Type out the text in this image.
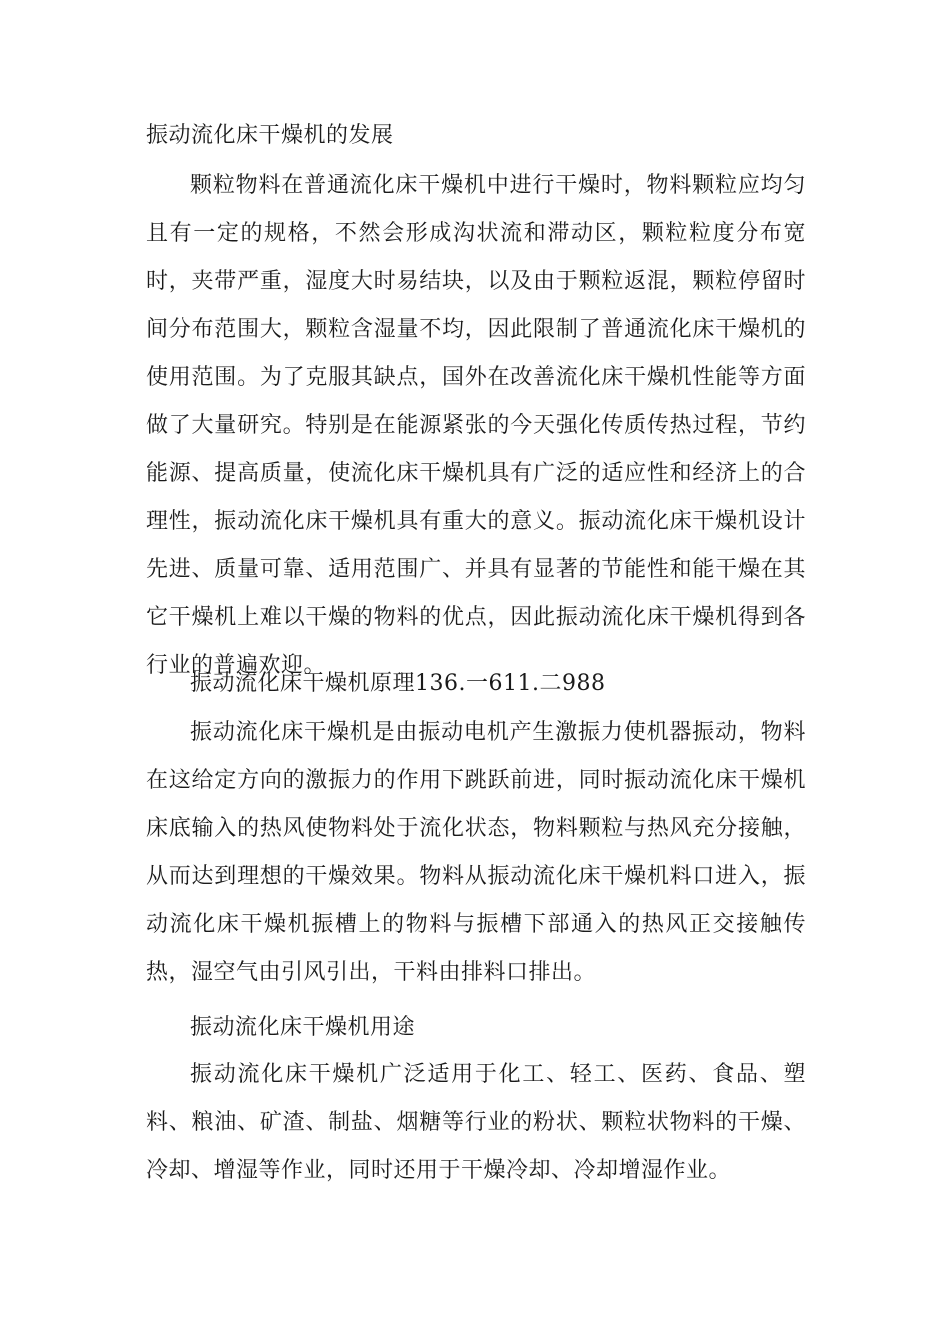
振动流化床干燥机的发展

颗粒物料在普通流化床干燥机中进行干燥时，物料颗粒应均匀且有一定的规格，不然会形成沟状流和滞动区，颗粒粒度分布宽时，夹带严重，湿度大时易结块，以及由于颗粒返混，颗粒停留时间分布范围大，颗粒含湿量不均，因此限制了普通流化床干燥机的使用范围。为了克服其缺点，国外在改善流化床干燥机性能等方面做了大量研究。特别是在能源紧张的今天强化传质传热过程，节约能源、提高质量，使流化床干燥机具有广泛的适应性和经济上的合理性，振动流化床干燥机具有重大的意义。振动流化床干燥机设计先进、质量可靠、适用范围广、并具有显著的节能性和能干燥在其它干燥机上难以干燥的物料的优点，因此振动流化床干燥机得到各行业的普遍欢迎。

振动流化床干燥机原理136.一611.二988

振动流化床干燥机是由振动电机产生激振力使机器振动，物料在这给定方向的激振力的作用下跳跃前进，同时振动流化床干燥机床底输入的热风使物料处于流化状态，物料颗粒与热风充分接触，从而达到理想的干燥效果。物料从振动流化床干燥机料口进入，振动流化床干燥机振槽上的物料与振槽下部通入的热风正交接触传热，湿空气由引风引出，干料由排料口排出。

振动流化床干燥机用途

振动流化床干燥机广泛适用于化工、轻工、医药、食品、塑料、粮油、矿渣、制盐、烟糖等行业的粉状、颗粒状物料的干燥、冷却、增湿等作业，同时还用于干燥冷却、冷却增湿作业。
